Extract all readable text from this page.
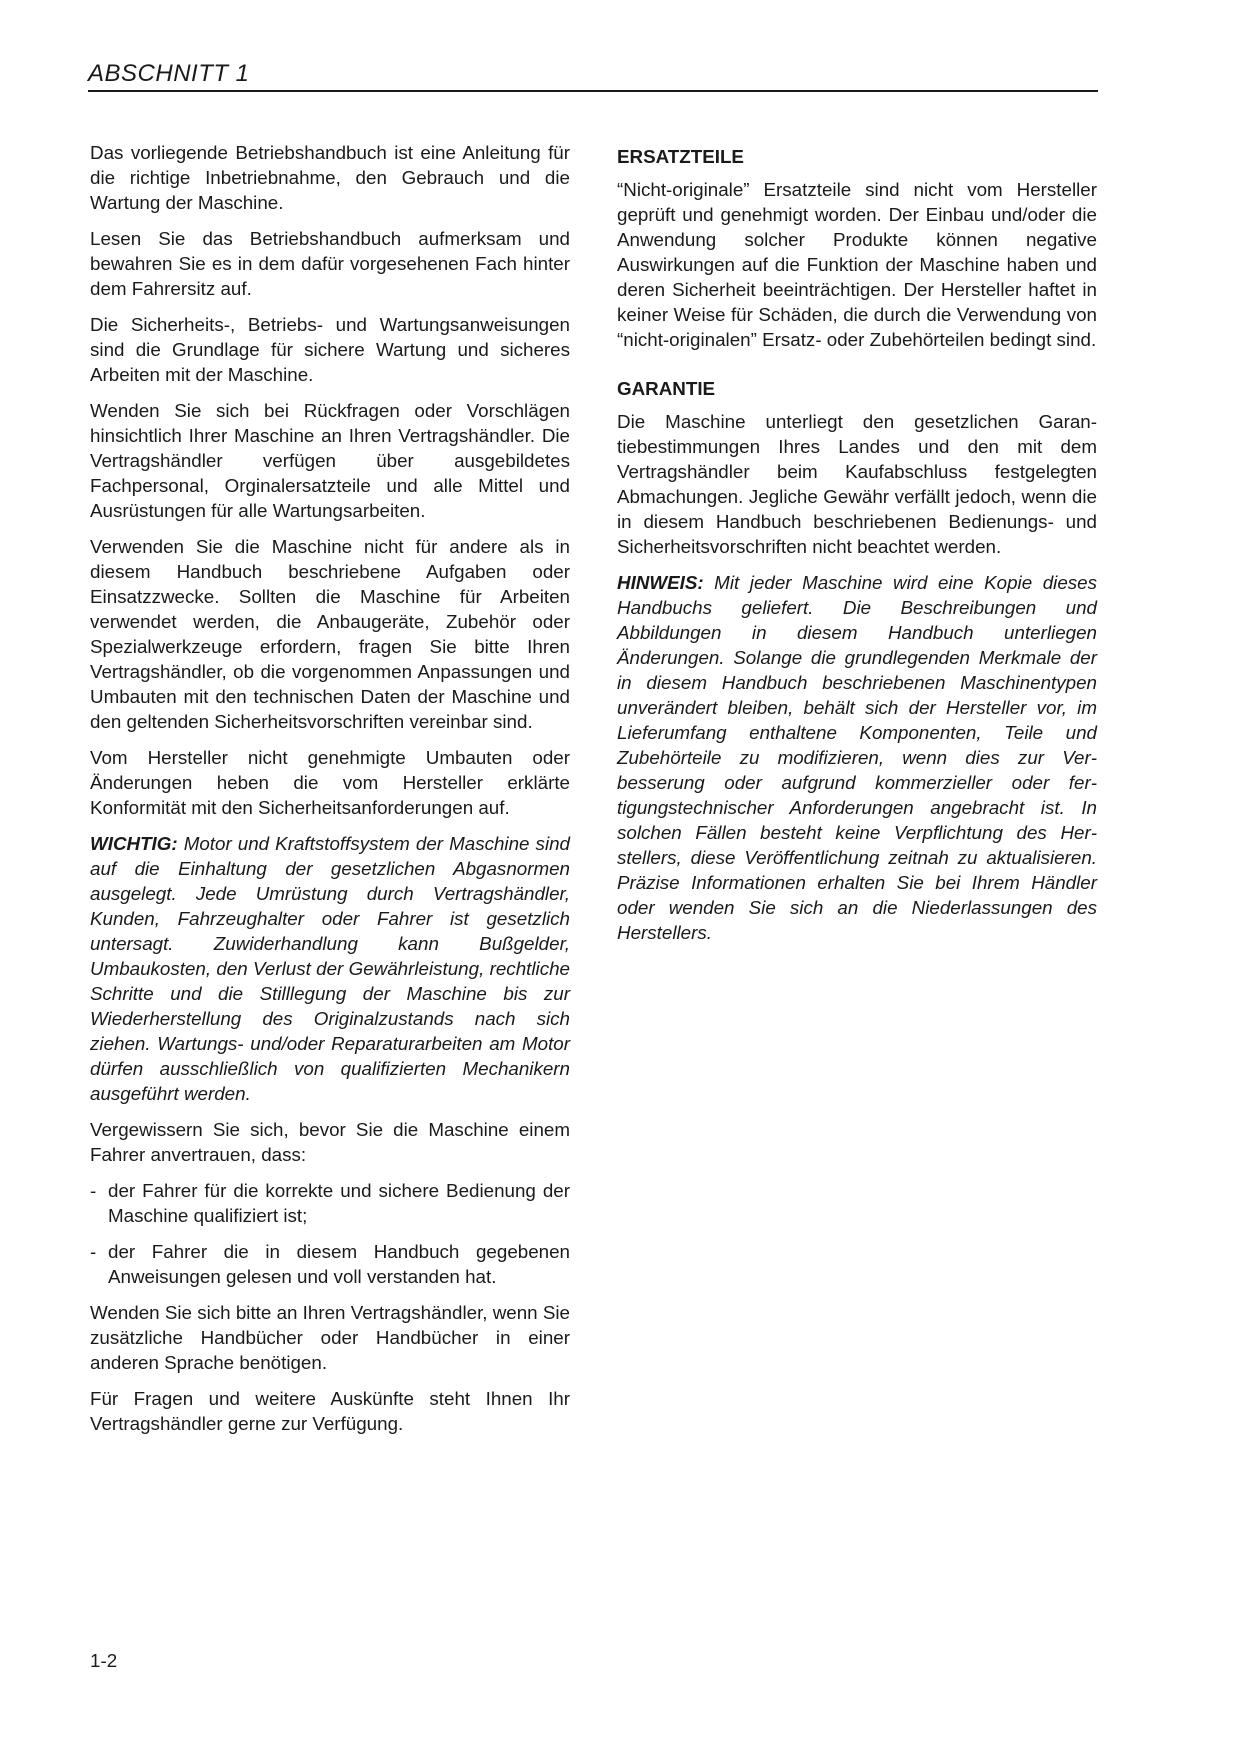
ABSCHNITT 1

Das vorliegende Betriebshandbuch ist eine Anleitung für die richtige Inbetriebnahme, den Gebrauch und die Wartung der Maschine.

Lesen Sie das Betriebshandbuch aufmerksam und bewahren Sie es in dem dafür vorgesehenen Fach hinter dem Fahrersitz auf.

Die Sicherheits-, Betriebs- und Wartungsanweisungen sind die Grundlage für sichere Wartung und sicheres Arbeiten mit der Maschine.

Wenden Sie sich bei Rückfragen oder Vorschlägen hinsichtlich Ihrer Maschine an Ihren Vertragshändler. Die Vertragshändler verfügen über ausgebildetes Fachpersonal, Orginalersatzteile und alle Mittel und Ausrüstungen für alle Wartungsarbeiten.

Verwenden Sie die Maschine nicht für andere als in diesem Handbuch beschriebene Aufgaben oder Einsatzzwecke. Sollten die Maschine für Arbeiten verwendet werden, die Anbaugeräte, Zubehör oder Spezialwerkzeuge erfordern, fragen Sie bitte Ihren Vertragshändler, ob die vorgenommen Anpassungen und Umbauten mit den technischen Daten der Maschine und den geltenden Sicherheitsvorschriften vereinbar sind.

Vom Hersteller nicht genehmigte Umbauten oder Änderungen heben die vom Hersteller erklärte Konformität mit den Sicherheitsanforderungen auf.

WICHTIG: Motor und Kraftstoffsystem der Maschine sind auf die Einhaltung der gesetzlichen Abgasnormen ausgelegt. Jede Umrüstung durch Vertragshändler, Kunden, Fahrzeughalter oder Fahrer ist gesetzlich untersagt. Zuwiderhandlung kann Bußgelder, Umbaukosten, den Verlust der Gewährleistung, rechtliche Schritte und die Stilllegung der Maschine bis zur Wiederherstellung des Originalzustands nach sich ziehen. Wartungs- und/oder Reparaturarbeiten am Motor dürfen ausschließlich von qualifizierten Mechanikern ausgeführt werden.

Vergewissern Sie sich, bevor Sie die Maschine einem Fahrer anvertrauen, dass:

- der Fahrer für die korrekte und sichere Bedienung der Maschine qualifiziert ist;

- der Fahrer die in diesem Handbuch gegebenen Anweisungen gelesen und voll verstanden hat.

Wenden Sie sich bitte an Ihren Vertragshändler, wenn Sie zusätzliche Handbücher oder Handbücher in einer anderen Sprache benötigen.

Für Fragen und weitere Auskünfte steht Ihnen Ihr Vertragshändler gerne zur Verfügung.

ERSATZTEILE

“Nicht-originale” Ersatzteile sind nicht vom Hersteller geprüft und genehmigt worden. Der Einbau und/oder die Anwendung solcher Produkte können negative Auswirkungen auf die Funktion der Maschine haben und deren Sicherheit beeinträchtigen. Der Hersteller haftet in keiner Weise für Schäden, die durch die Verwendung von “nicht-originalen” Ersatz- oder Zubehörteilen bedingt sind.

GARANTIE

Die Maschine unterliegt den gesetzlichen Garantiebestimmungen Ihres Landes und den mit dem Vertragshändler beim Kaufabschluss festgelegten Abmachungen. Jegliche Gewähr verfällt jedoch, wenn die in diesem Handbuch beschriebenen Bedienungs- und Sicherheitsvorschriften nicht beachtet werden.

HINWEIS: Mit jeder Maschine wird eine Kopie dieses Handbuchs geliefert. Die Beschreibungen und Abbildungen in diesem Handbuch unterliegen Änderungen. Solange die grundlegenden Merkmale der in diesem Handbuch beschriebenen Maschinentypen unverändert bleiben, behält sich der Hersteller vor, im Lieferumfang enthaltene Komponenten, Teile und Zubehörteile zu modifizieren, wenn dies zur Verbesserung oder aufgrund kommerzieller oder fertigungstechnischer Anforderungen angebracht ist. In solchen Fällen besteht keine Verpflichtung des Herstellers, diese Veröffentlichung zeitnah zu aktualisieren. Präzise Informationen erhalten Sie bei Ihrem Händler oder wenden Sie sich an die Niederlassungen des Herstellers.

1-2
